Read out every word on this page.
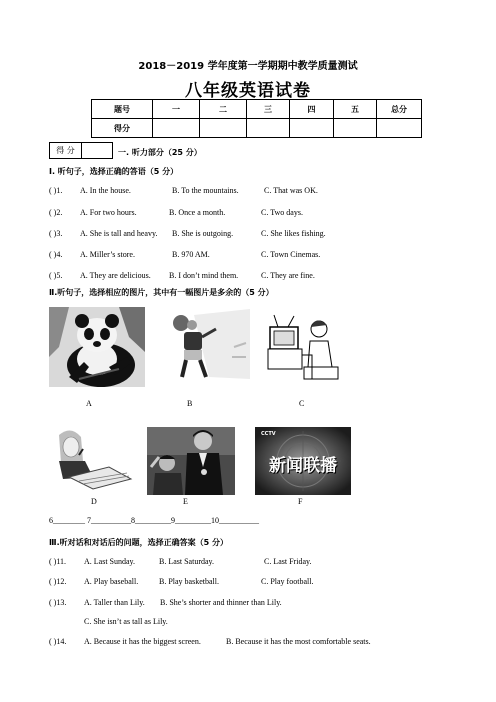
2018－2019 学年度第一学期期中教学质量测试
八年级英语试卷
题号	一	二	三	四	五	总分
得分						
得 分	一. 听力部分（25 分）
Ⅰ. 听句子，选择正确的答语（5 分）
( )1. A. In the house.	B. To the mountains.	C. That was OK.
( )2. A. For two hours.	B. Once a month.	C. Two days.
( )3. A. She is tall and heavy. B. She is outgoing.	C. She likes fishing.
( )4. A. Miller’s store.	B. 970 AM.	C. Town Cinemas.
( )5. A. They are delicious. B. I don’t mind them.	C. They are fine.
Ⅱ.听句子，选择相应的图片，其中有一幅图片是多余的（5 分）
A	B	C
CCTV
新闻联播
D	E	F
6________ 7__________8_________9_________10__________
Ⅲ.听对话和对话后的问题，选择正确答案（5 分）
( )11. A. Last Sunday.	B. Last Saturday.	C. Last Friday.
( )12. A. Play baseball.	B. Play basketball.	C. Play football.
( )13. A. Taller than Lily. B. She’s shorter and thinner than Lily.
C. She isn’t as tall as Lily.
( )14. A. Because it has the biggest screen.	B. Because it has the most comfortable seats.
